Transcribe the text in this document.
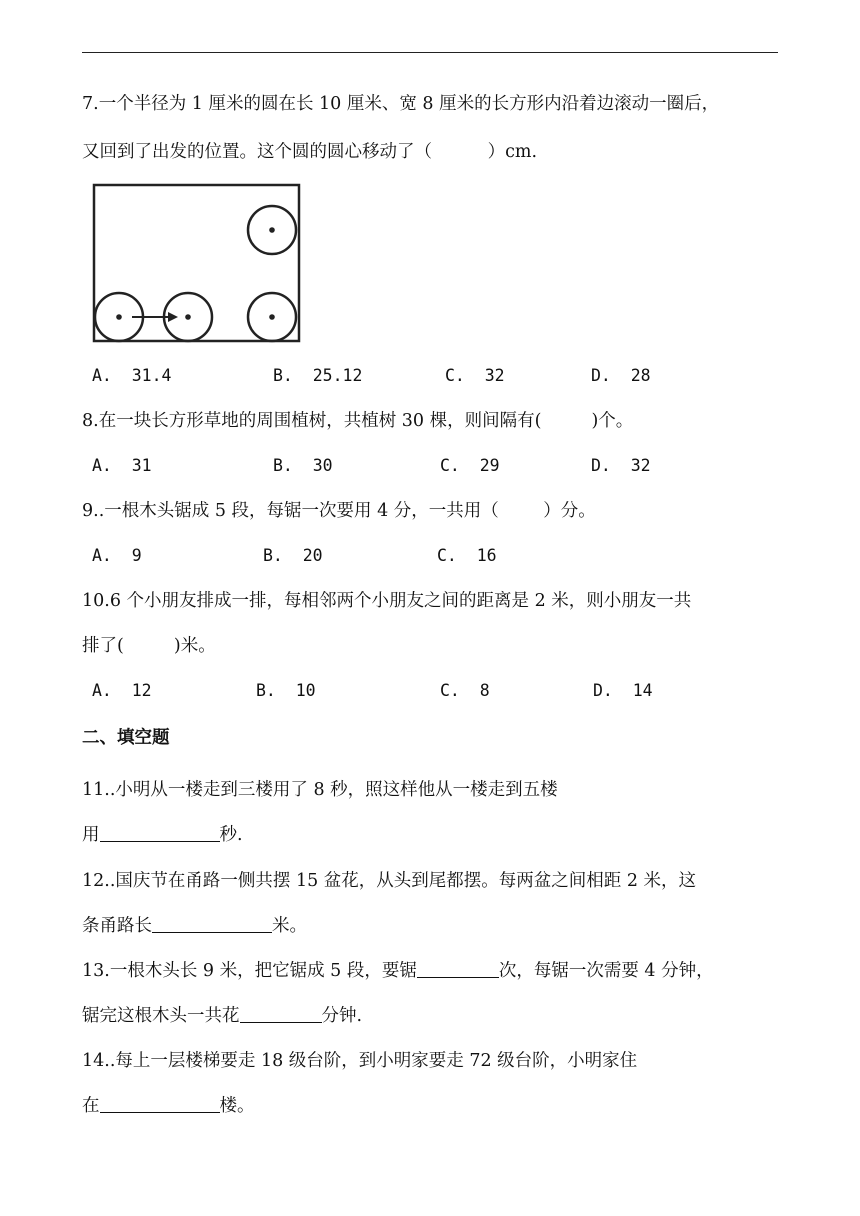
7.一个半径为 1 厘米的圆在长 10 厘米、宽 8 厘米的长方形内沿着边滚动一圈后，
又回到了出发的位置。这个圆的圆心移动了（          ）cm.
A.  31.4	B.  25.12	C.  32	D.  28
8.在一块长方形草地的周围植树，共植树 30 棵，则间隔有(         )个。
A.  31	B.  30	C.  29	D.  32
9..一根木头锯成 5 段，每锯一次要用 4 分，一共用（        ）分。
A.  9	B.  20	C.  16
10.6 个小朋友排成一排，每相邻两个小朋友之间的距离是 2 米，则小朋友一共
排了(         )米。
A.  12	B.  10	C.  8	D.  14
二、填空题
11..小明从一楼走到三楼用了 8 秒，照这样他从一楼走到五楼
用	秒.
12..国庆节在甬路一侧共摆 15 盆花，从头到尾都摆。每两盆之间相距 2 米，这
条甬路长	米。
13.一根木头长 9 米，把它锯成 5 段，要锯	次，每锯一次需要 4 分钟，
锯完这根木头一共花	分钟.
14..每上一层楼梯要走 18 级台阶，到小明家要走 72 级台阶，小明家住
在	楼。
